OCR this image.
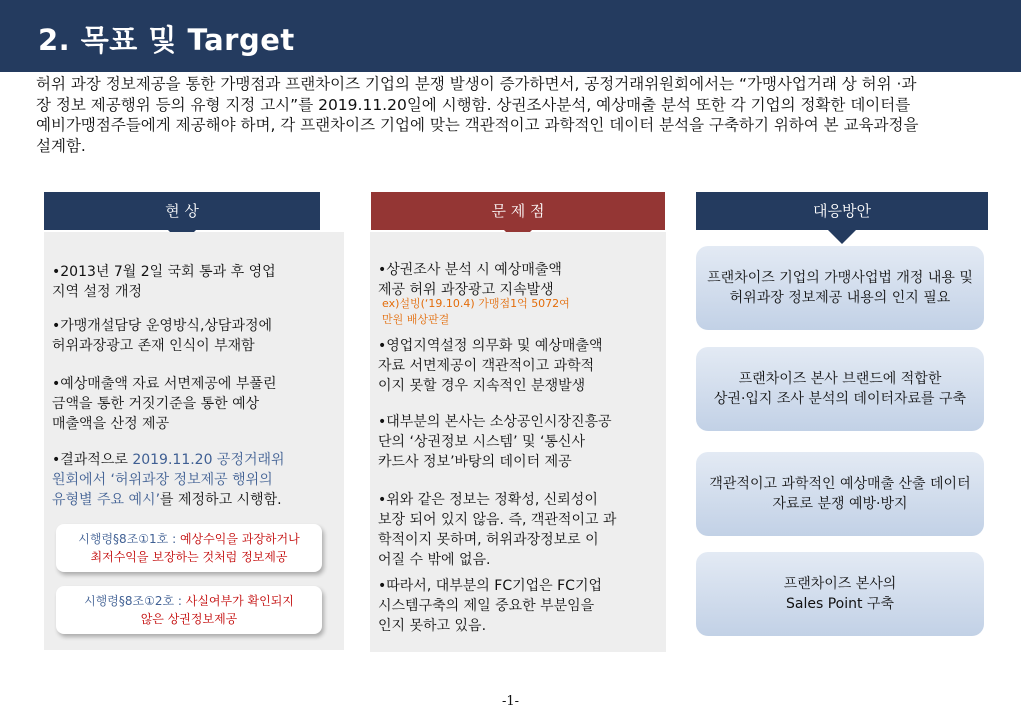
2. 목표 및 Target
허위 과장 정보제공을 통한 가맹점과 프랜차이즈 기업의 분쟁 발생이 증가하면서, 공정거래위원회에서는 “가맹사업거래 상 허위 ·과
장 정보 제공행위 등의 유형 지정 고시”를 2019.11.20일에 시행함. 상권조사분석, 예상매출 분석 또한 각 기업의 정확한 데이터를
예비가맹점주들에게 제공해야 하며, 각 프랜차이즈 기업에 맞는 객관적이고 과학적인 데이터 분석을 구축하기 위하여 본 교육과정을
설계함.
현 상	문 제 점	대응방안
•2013년 7월 2일 국회 통과 후 영업
지역 설정 개정
•가맹개설담당 운영방식,상담과정에
허위과장광고 존재 인식이 부재함
•예상매출액 자료 서면제공에 부풀린
금액을 통한 거짓기준을 통한 예상
매출액을 산정 제공
•결과적으로 2019.11.20 공정거래위
원회에서 ‘허위과장 정보제공 행위의
유형별 주요 예시’를 제정하고 시행함.
시행령§8조①1호 : 예상수익을 과장하거나
최저수익을 보장하는 것처럼 정보제공
시행령§8조①2호 : 사실여부가 확인되지
않은 상권정보제공
•상권조사 분석 시 예상매출액
제공 허위 과장광고 지속발생
ex)설빙(‘19.10.4) 가맹점1억 5072여
만원 배상판결
•영업지역설정 의무화 및 예상매출액
자료 서면제공이 객관적이고 과학적
이지 못할 경우 지속적인 분쟁발생
•대부분의 본사는 소상공인시장진흥공
단의 ‘상권정보 시스템’ 및 ‘통신사
카드사 정보’바탕의 데이터 제공
•위와 같은 정보는 정확성, 신뢰성이
보장 되어 있지 않음. 즉, 객관적이고 과
학적이지 못하며, 허위과장정보로 이
어질 수 밖에 없음.
•따라서, 대부분의 FC기업은 FC기업
시스템구축의 제일 중요한 부분임을
인지 못하고 있음.
프랜차이즈 기업의 가맹사업법 개정 내용 및
허위과장 정보제공 내용의 인지 필요
프랜차이즈 본사 브랜드에 적합한
상권·입지 조사 분석의 데이터자료를 구축
객관적이고 과학적인 예상매출 산출 데이터
자료로 분쟁 예방·방지
프랜차이즈 본사의
Sales Point 구축
-1-
